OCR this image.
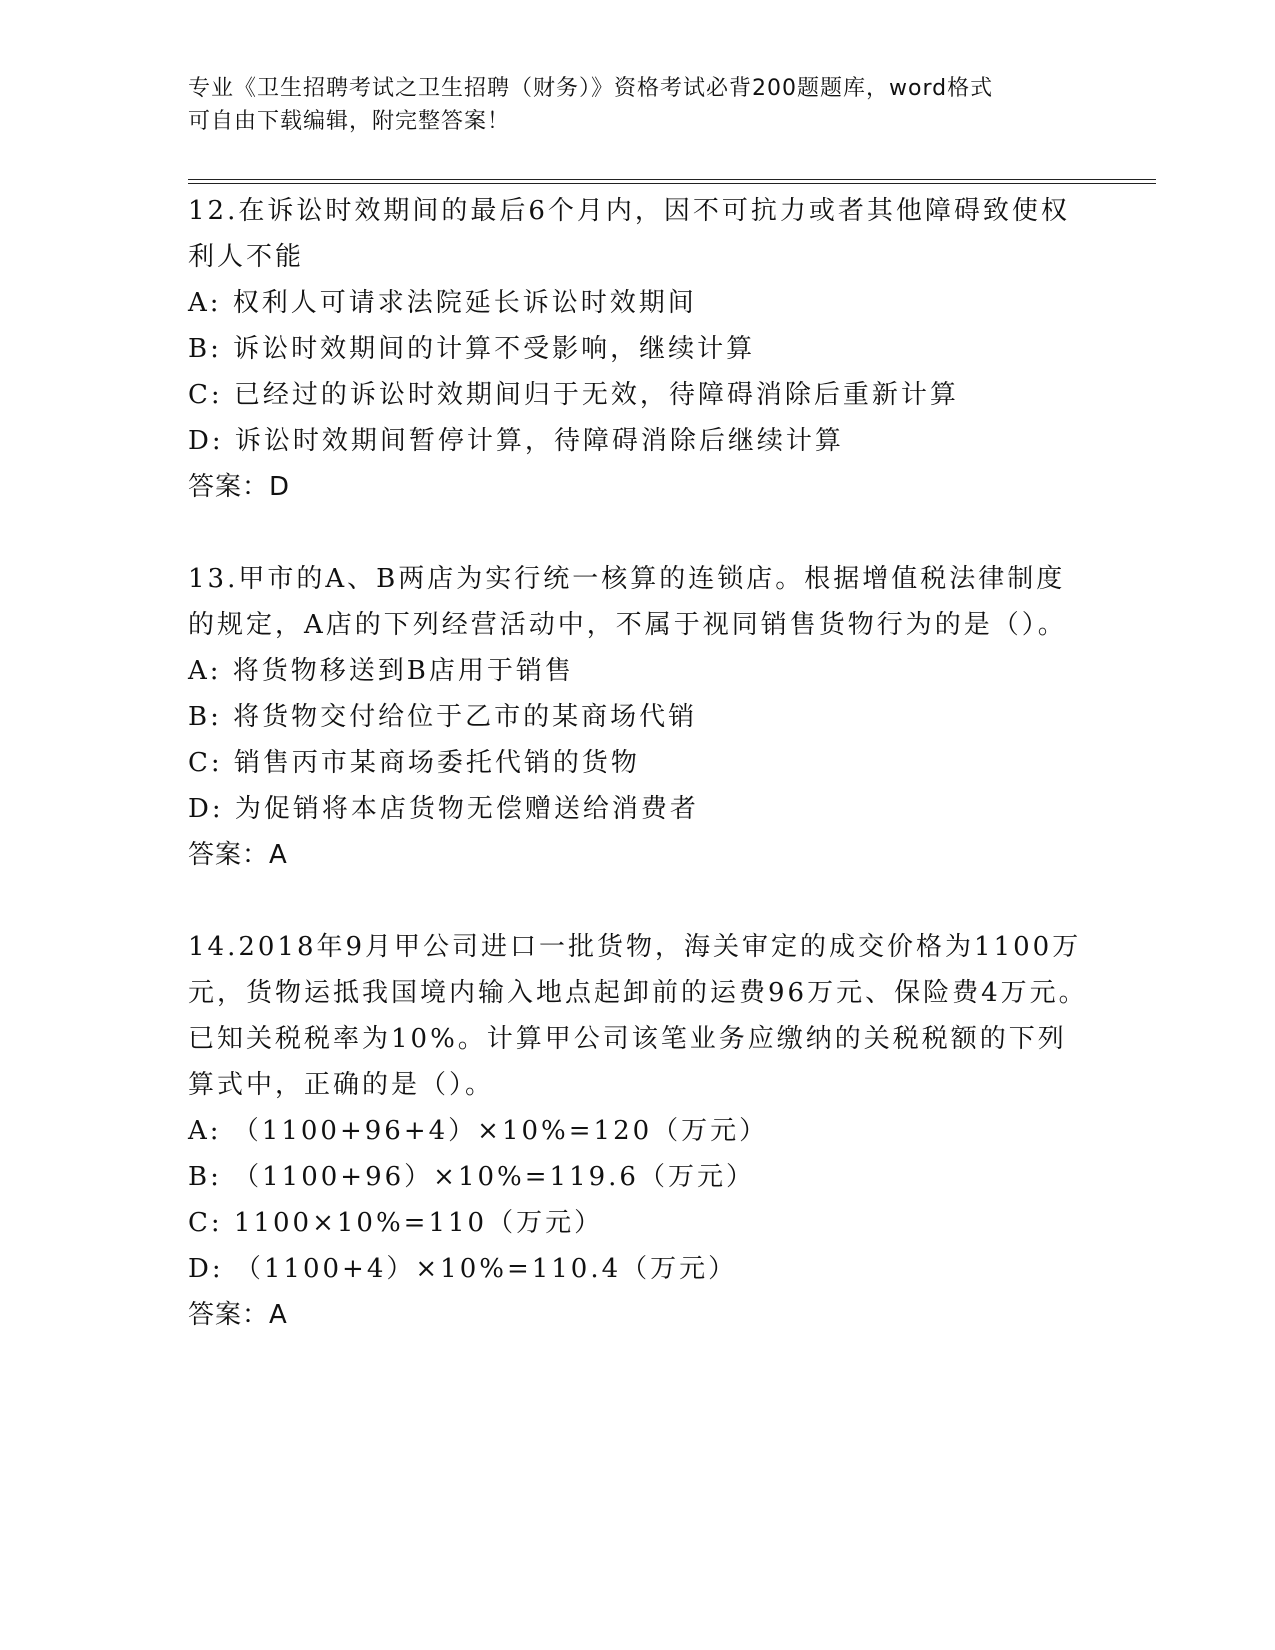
专业《卫生招聘考试之卫生招聘（财务）》资格考试必背200题题库，word格式
可自由下载编辑，附完整答案！
12.在诉讼时效期间的最后6个月内，因不可抗力或者其他障碍致使权利人不能
A: 权利人可请求法院延长诉讼时效期间
B: 诉讼时效期间的计算不受影响，继续计算
C: 已经过的诉讼时效期间归于无效，待障碍消除后重新计算
D: 诉讼时效期间暂停计算，待障碍消除后继续计算
答案：D
13.甲市的A、B两店为实行统一核算的连锁店。根据增值税法律制度的规定，A店的下列经营活动中，不属于视同销售货物行为的是（）。
A: 将货物移送到B店用于销售
B: 将货物交付给位于乙市的某商场代销
C: 销售丙市某商场委托代销的货物
D: 为促销将本店货物无偿赠送给消费者
答案：A
14.2018年9月甲公司进口一批货物，海关审定的成交价格为1100万元，货物运抵我国境内输入地点起卸前的运费96万元、保险费4万元。已知关税税率为10%。计算甲公司该笔业务应缴纳的关税税额的下列算式中，正确的是（）。
A: （1100+96+4）×10%=120（万元）
B: （1100+96）×10%=119.6（万元）
C: 1100×10%=110（万元）
D: （1100+4）×10%=110.4（万元）
答案：A
